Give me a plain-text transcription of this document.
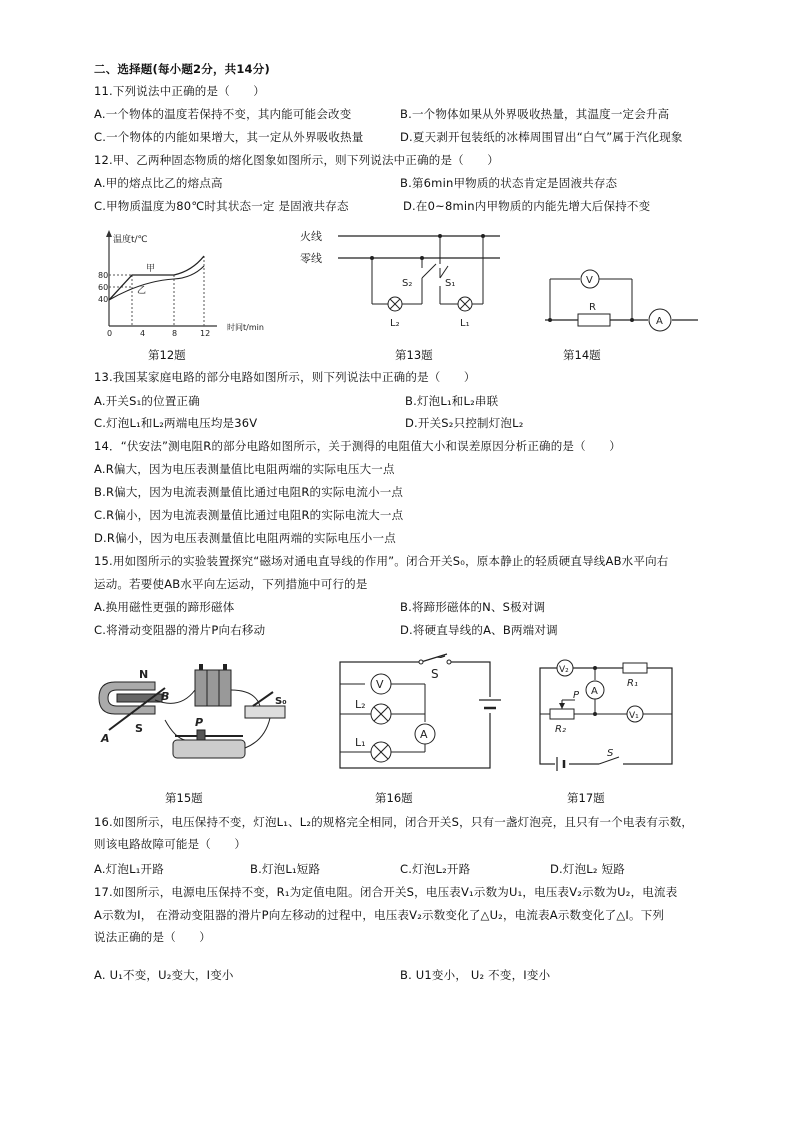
二、选择题(每小题2分，共14分)
11.下列说法中正确的是（　　）
A.一个物体的温度若保持不变，其内能可能会改变	B.一个物体如果从外界吸收热量，其温度一定会升高
C.一个物体的内能如果增大，其一定从外界吸收热量	D.夏天剥开包装纸的冰棒周围冒出“白气”属于汽化现象
12.甲、乙两种固态物质的熔化图象如图所示，则下列说法中正确的是（　　）
A.甲的熔点比乙的熔点高	B.第6min甲物质的状态肯定是固液共存态
C.甲物质温度为80℃时其状态一定 是固液共存态	D.在0~8min内甲物质的内能先增大后保持不变
温度t/℃
时间t/min
80
60
40
0	4	8	12
甲
乙
火线
零线
S₂	S₁
L₂	L₁
V
R
A
第12题	第13题	第14题
13.我国某家庭电路的部分电路如图所示，则下列说法中正确的是（　　）
A.开关S₁的位置正确	B.灯泡L₁和L₂串联
C.灯泡L₁和L₂两端电压均是36V	D.开关S₂只控制灯泡L₂
14．“伏安法”测电阻R的部分电路如图所示，关于测得的电阻值大小和误差原因分析正确的是（　　）
A.R偏大，因为电压表测量值比电阻两端的实际电压大一点
B.R偏大，因为电流表测量值比通过电阻R的实际电流小一点
C.R偏小，因为电流表测量值比通过电阻R的实际电流大一点
D.R偏小，因为电压表测量值比电阻两端的实际电压小一点
15.用如图所示的实验装置探究“磁场对通电直导线的作用”。闭合开关S₀，原本静止的轻质硬直导线AB水平向右
运动。若要使AB水平向左运动，下列措施中可行的是
A.换用磁性更强的蹄形磁体	B.将蹄形磁体的N、S极对调
C.将滑动变阻器的滑片P向右移动	D.将硬直导线的A、B两端对调
N
S
A
B
P
S₀
S
V
L₂
L₁
A
V₂
R₁
A
P
R₂
V₁
S
第15题	第16题	第17题
16.如图所示，电压保持不变，灯泡L₁、L₂的规格完全相同，闭合开关S，只有一盏灯泡亮，且只有一个电表有示数，
则该电路故障可能是（　　）
A.灯泡L₁开路	B.灯泡L₁短路	C.灯泡L₂开路	D.灯泡L₂ 短路
17.如图所示，电源电压保持不变，R₁为定值电阻。闭合开关S，电压表V₁示数为U₁，电压表V₂示数为U₂，电流表
A示数为I， 在滑动变阻器的滑片P向左移动的过程中，电压表V₂示数变化了△U₂，电流表A示数变化了△I。下列
说法正确的是（　　）
A. U₁不变，U₂变大，I变小	B. U1变小， U₂ 不变，I变小
